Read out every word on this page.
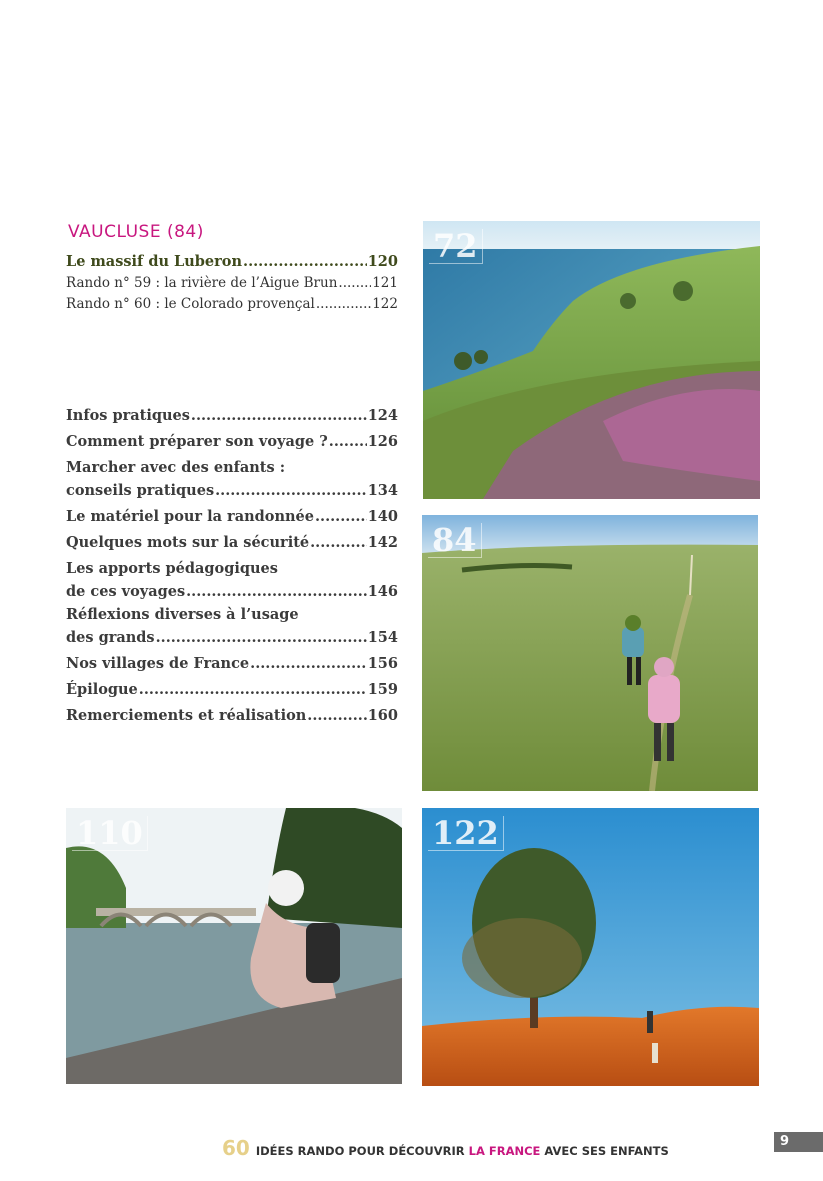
VAUCLUSE (84)
Le massif du Luberon .....	120
Rando n° 59 : la rivière de l’Aigue Brun .....	121
Rando n° 60 : le Colorado provençal .....	122
Infos pratiques .....	124
Comment préparer son voyage ? .....	126
Marcher avec des enfants :
conseils pratiques .....	134
Le matériel pour la randonnée .....	140
Quelques mots sur la sécurité .....	142
Les apports pédagogiques
de ces voyages .....	146
Réflexions diverses à l’usage
des grands .....	154
Nos villages de France .....	156
Épilogue .....	159
Remerciements et réalisation .....	160
72
84
110	122
60 IDÉES RANDO POUR DÉCOUVRIR LA FRANCE AVEC SES ENFANTS
9
